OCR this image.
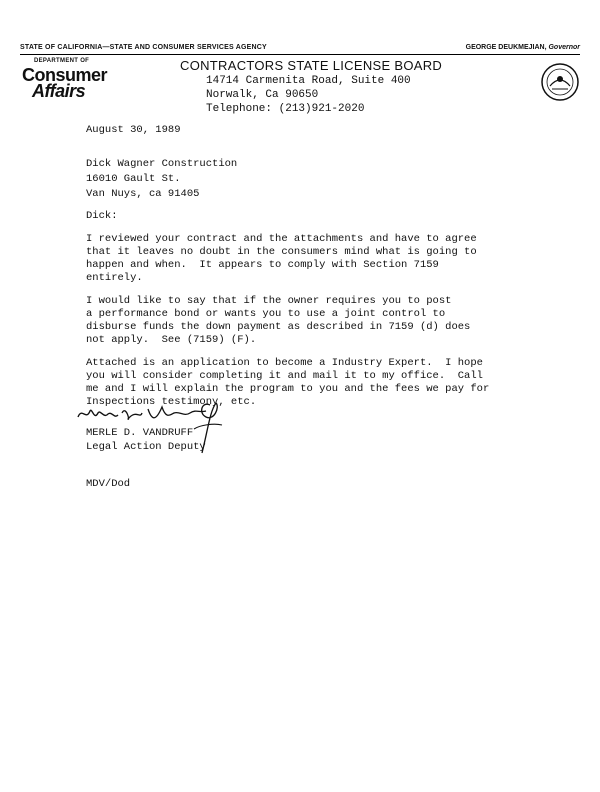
STATE OF CALIFORNIA—STATE AND CONSUMER SERVICES AGENCY	GEORGE DEUKMEJIAN, Governor
DEPARTMENT OF
Consumer
Affairs
CONTRACTORS STATE LICENSE BOARD
14714 Carmenita Road, Suite 400
Norwalk, Ca 90650
Telephone: (213)921-2020
August 30, 1989
Dick Wagner Construction
16010 Gault St.
Van Nuys, ca 91405
Dick:
I reviewed your contract and the attachments and have to agree
that it leaves no doubt in the consumers mind what is going to
happen and when.  It appears to comply with Section 7159
entirely.
I would like to say that if the owner requires you to post
a performance bond or wants you to use a joint control to
disburse funds the down payment as described in 7159 (d) does
not apply.  See (7159) (F).
Attached is an application to become a Industry Expert.  I hope
you will consider completing it and mail it to my office.  Call
me and I will explain the program to you and the fees we pay for
Inspections testimony, etc.
MERLE D. VANDRUFF
Legal Action Deputy
MDV/Dod
